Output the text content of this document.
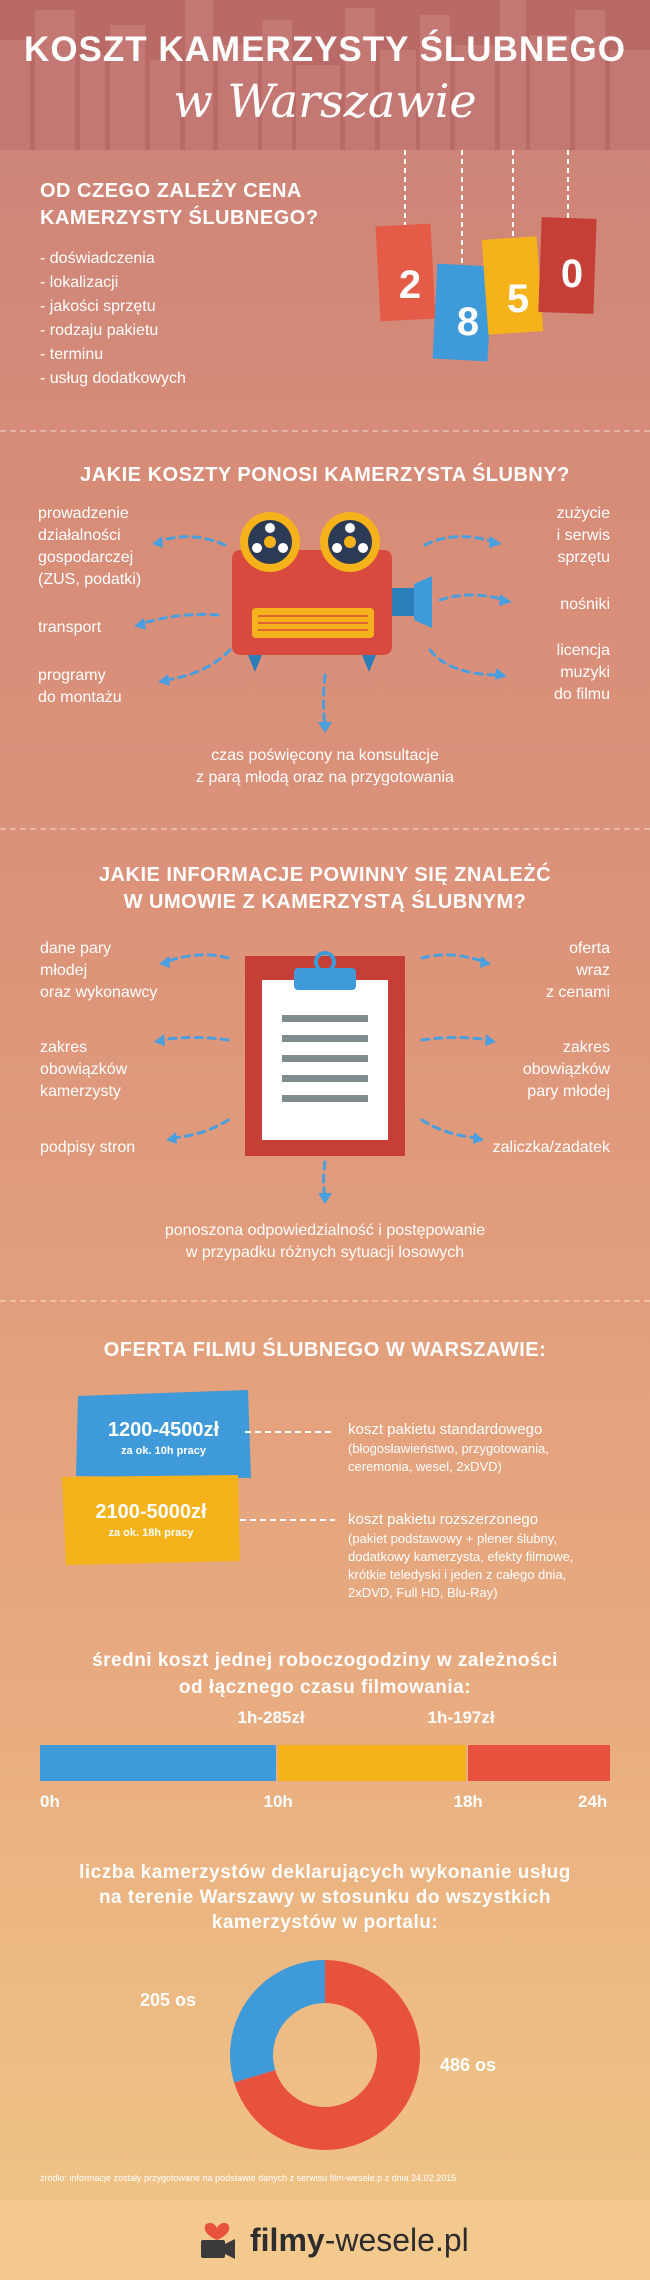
KOSZT KAMERZYSTY ŚLUBNEGO
w Warszawie
OD CZEGO ZALEŻY CENA
KAMERZYSTY ŚLUBNEGO?
- doświadczenia
- lokalizacji
- jakości sprzętu
- rodzaju pakietu
- terminu
- usług dodatkowych
2
8
5
0
JAKIE KOSZTY PONOSI KAMERZYSTA ŚLUBNY?
prowadzenie
działalności
gospodarczej
(ZUS, podatki)
transport
programy
do montażu
zużycie
i serwis
sprzętu
nośniki
licencja
muzyki
do filmu
czas poświęcony na konsultacje
z parą młodą oraz na przygotowania
JAKIE INFORMACJE POWINNY SIĘ ZNALEŻĆ
W UMOWIE Z KAMERZYSTĄ ŚLUBNYM?
dane pary
młodej
oraz wykonawcy
zakres
obowiązków
kamerzysty
podpisy stron
oferta
wraz
z cenami
zakres
obowiązków
pary młodej
zaliczka/zadatek
ponoszona odpowiedzialność i postępowanie
w przypadku różnych sytuacji losowych
OFERTA FILMU ŚLUBNEGO W WARSZAWIE:
1200-4500zł
za ok. 10h pracy
2100-5000zł
za ok. 18h pracy
koszt pakietu standardowego
(błogosławieństwo, przygotowania,
ceremonia, wesel, 2xDVD)
koszt pakietu rozszerzonego
(pakiet podstawowy + plener ślubny,
dodatkowy kamerzysta, efekty filmowe,
krótkie teledyski i jeden z całego dnia,
2xDVD, Full HD, Blu-Ray)
średni koszt jednej roboczogodziny w zależności
od łącznego czasu filmowania:
1h-285zł	1h-197zł
0h	10h	18h	24h
liczba kamerzystów deklarujących wykonanie usług
na terenie Warszawy w stosunku do wszystkich
kamerzystów w portalu:
205 os
486 os
źródło: informacje zostały przygotowane na podstawie danych z serwisu film-wesele.p z dnia 24.02.2015
filmy-wesele.pl
